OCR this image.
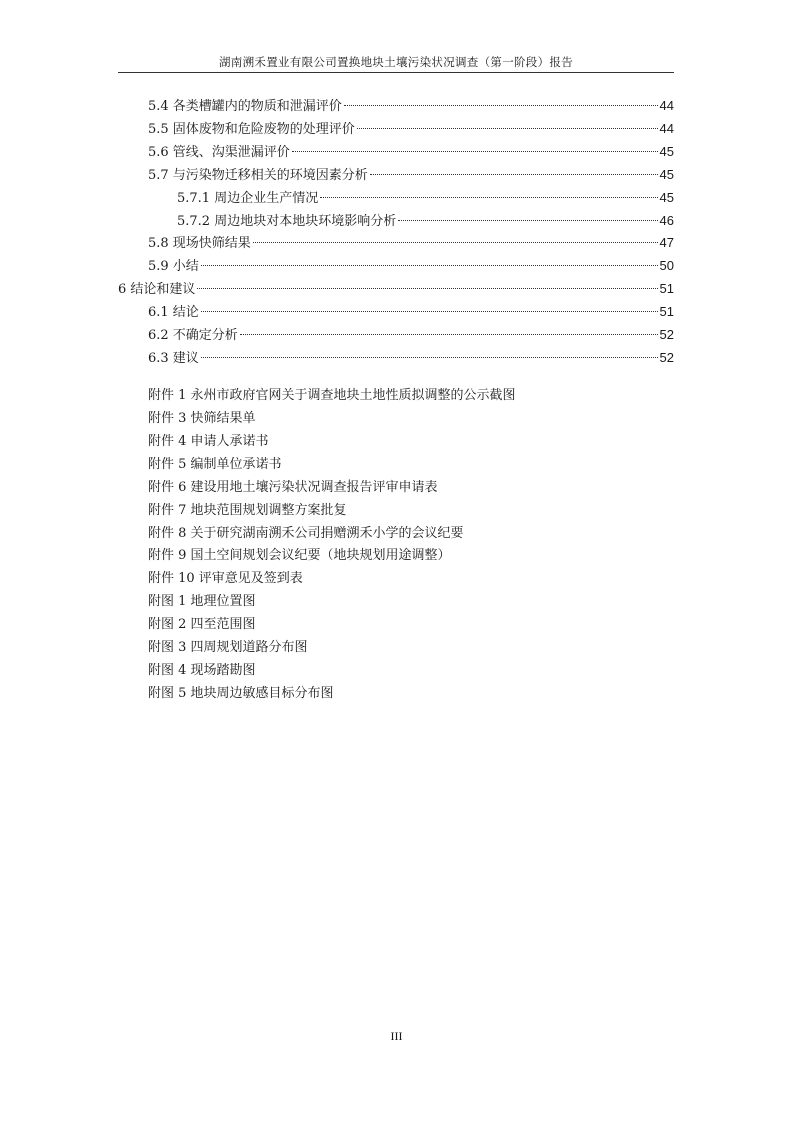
湖南溯禾置业有限公司置换地块土壤污染状况调查（第一阶段）报告
5.4 各类槽罐内的物质和泄漏评价	44
5.5 固体废物和危险废物的处理评价	44
5.6 管线、沟渠泄漏评价	45
5.7 与污染物迁移相关的环境因素分析	45
5.7.1 周边企业生产情况	45
5.7.2 周边地块对本地块环境影响分析	46
5.8 现场快筛结果	47
5.9 小结	50
6 结论和建议	51
6.1 结论	51
6.2 不确定分析	52
6.3 建议	52
附件 1 永州市政府官网关于调查地块土地性质拟调整的公示截图
附件 3 快筛结果单
附件 4 申请人承诺书
附件 5 编制单位承诺书
附件 6 建设用地土壤污染状况调查报告评审申请表
附件 7 地块范围规划调整方案批复
附件 8 关于研究湖南溯禾公司捐赠溯禾小学的会议纪要
附件 9 国土空间规划会议纪要（地块规划用途调整）
附件 10 评审意见及签到表
附图 1 地理位置图
附图 2 四至范围图
附图 3 四周规划道路分布图
附图 4 现场踏勘图
附图 5 地块周边敏感目标分布图
III
